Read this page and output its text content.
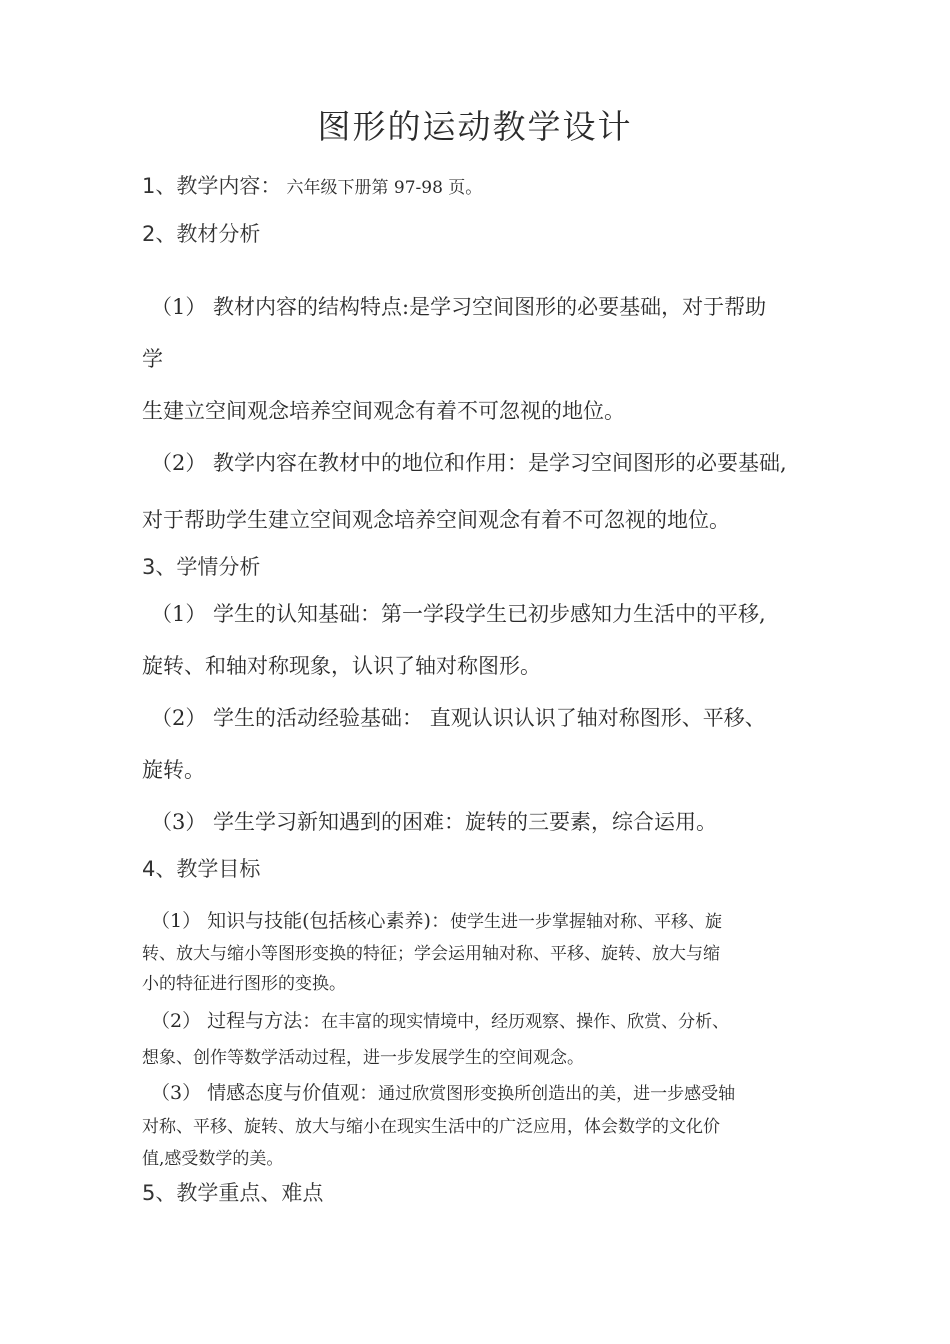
图形的运动教学设计
1、教学内容： 六年级下册第 97-98 页。
2、教材分析
（1） 教材内容的结构特点:是学习空间图形的必要基础，对于帮助
学
生建立空间观念培养空间观念有着不可忽视的地位。
（2） 教学内容在教材中的地位和作用：是学习空间图形的必要基础,
对于帮助学生建立空间观念培养空间观念有着不可忽视的地位。
3、学情分析
（1） 学生的认知基础：第一学段学生已初步感知力生活中的平移,
旋转、和轴对称现象，认识了轴对称图形。
（2） 学生的活动经验基础： 直观认识认识了轴对称图形、平移、
旋转。
（3） 学生学习新知遇到的困难：旋转的三要素，综合运用。
4、教学目标
（1） 知识与技能(包括核心素养)：使学生进一步掌握轴对称、平移、旋
转、放大与缩小等图形变换的特征；学会运用轴对称、平移、旋转、放大与缩
小的特征进行图形的变换。
（2） 过程与方法：在丰富的现实情境中，经历观察、操作、欣赏、分析、
想象、创作等数学活动过程，进一步发展学生的空间观念。
（3） 情感态度与价值观：通过欣赏图形变换所创造出的美，进一步感受轴
对称、平移、旋转、放大与缩小在现实生活中的广泛应用，体会数学的文化价
值,感受数学的美。
5、教学重点、难点
